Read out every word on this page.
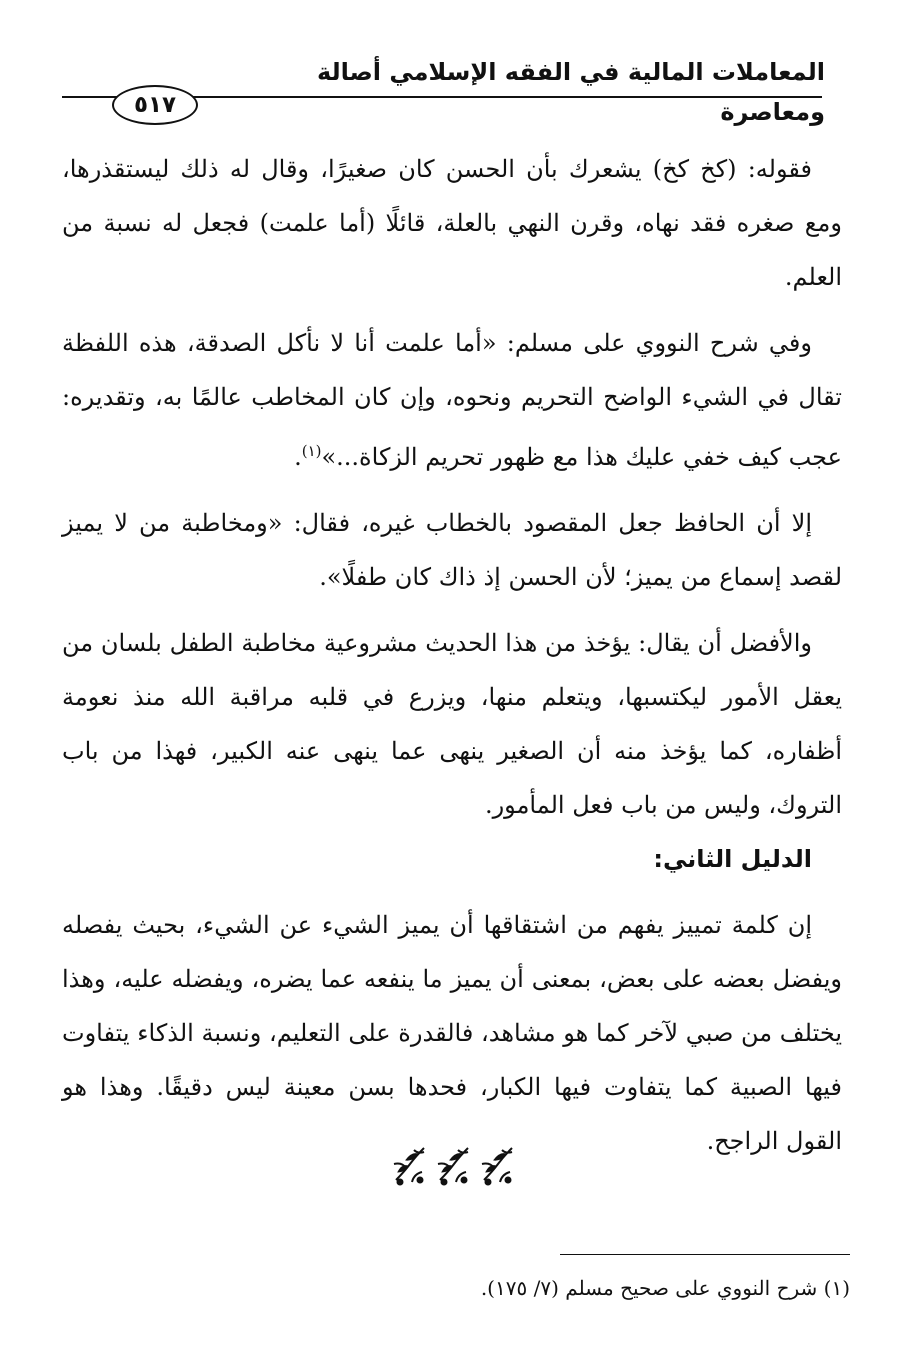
المعاملات المالية في الفقه الإسلامي أصالة ومعاصرة
٥١٧

فقوله: (كخ كخ) يشعرك بأن الحسن كان صغيرًا، وقال له ذلك ليستقذرها، ومع صغره فقد نهاه، وقرن النهي بالعلة، قائلًا (أما علمت) فجعل له نسبة من العلم.

وفي شرح النووي على مسلم: «أما علمت أنا لا نأكل الصدقة، هذه اللفظة تقال في الشيء الواضح التحريم ونحوه، وإن كان المخاطب عالمًا به، وتقديره: عجب كيف خفي عليك هذا مع ظهور تحريم الزكاة...»$^{(١)}$.

إلا أن الحافظ جعل المقصود بالخطاب غيره، فقال: «ومخاطبة من لا يميز لقصد إسماع من يميز؛ لأن الحسن إذ ذاك كان طفلًا».

والأفضل أن يقال: يؤخذ من هذا الحديث مشروعية مخاطبة الطفل بلسان من يعقل الأمور ليكتسبها، ويتعلم منها، ويزرع في قلبه مراقبة الله منذ نعومة أظفاره، كما يؤخذ منه أن الصغير ينهى عما ينهى عنه الكبير، فهذا من باب التروك، وليس من باب فعل المأمور.

الدليل الثاني:

إن كلمة تمييز يفهم من اشتقاقها أن يميز الشيء عن الشيء، بحيث يفصله ويفضل بعضه على بعض، بمعنى أن يميز ما ينفعه عما يضره، ويفضله عليه، وهذا يختلف من صبي لآخر كما هو مشاهد، فالقدرة على التعليم، ونسبة الذكاء يتفاوت فيها الصبية كما يتفاوت فيها الكبار، فحدها بسن معينة ليس دقيقًا. وهذا هو القول الراجح.

(١) شرح النووي على صحيح مسلم (٧/ ١٧٥).
